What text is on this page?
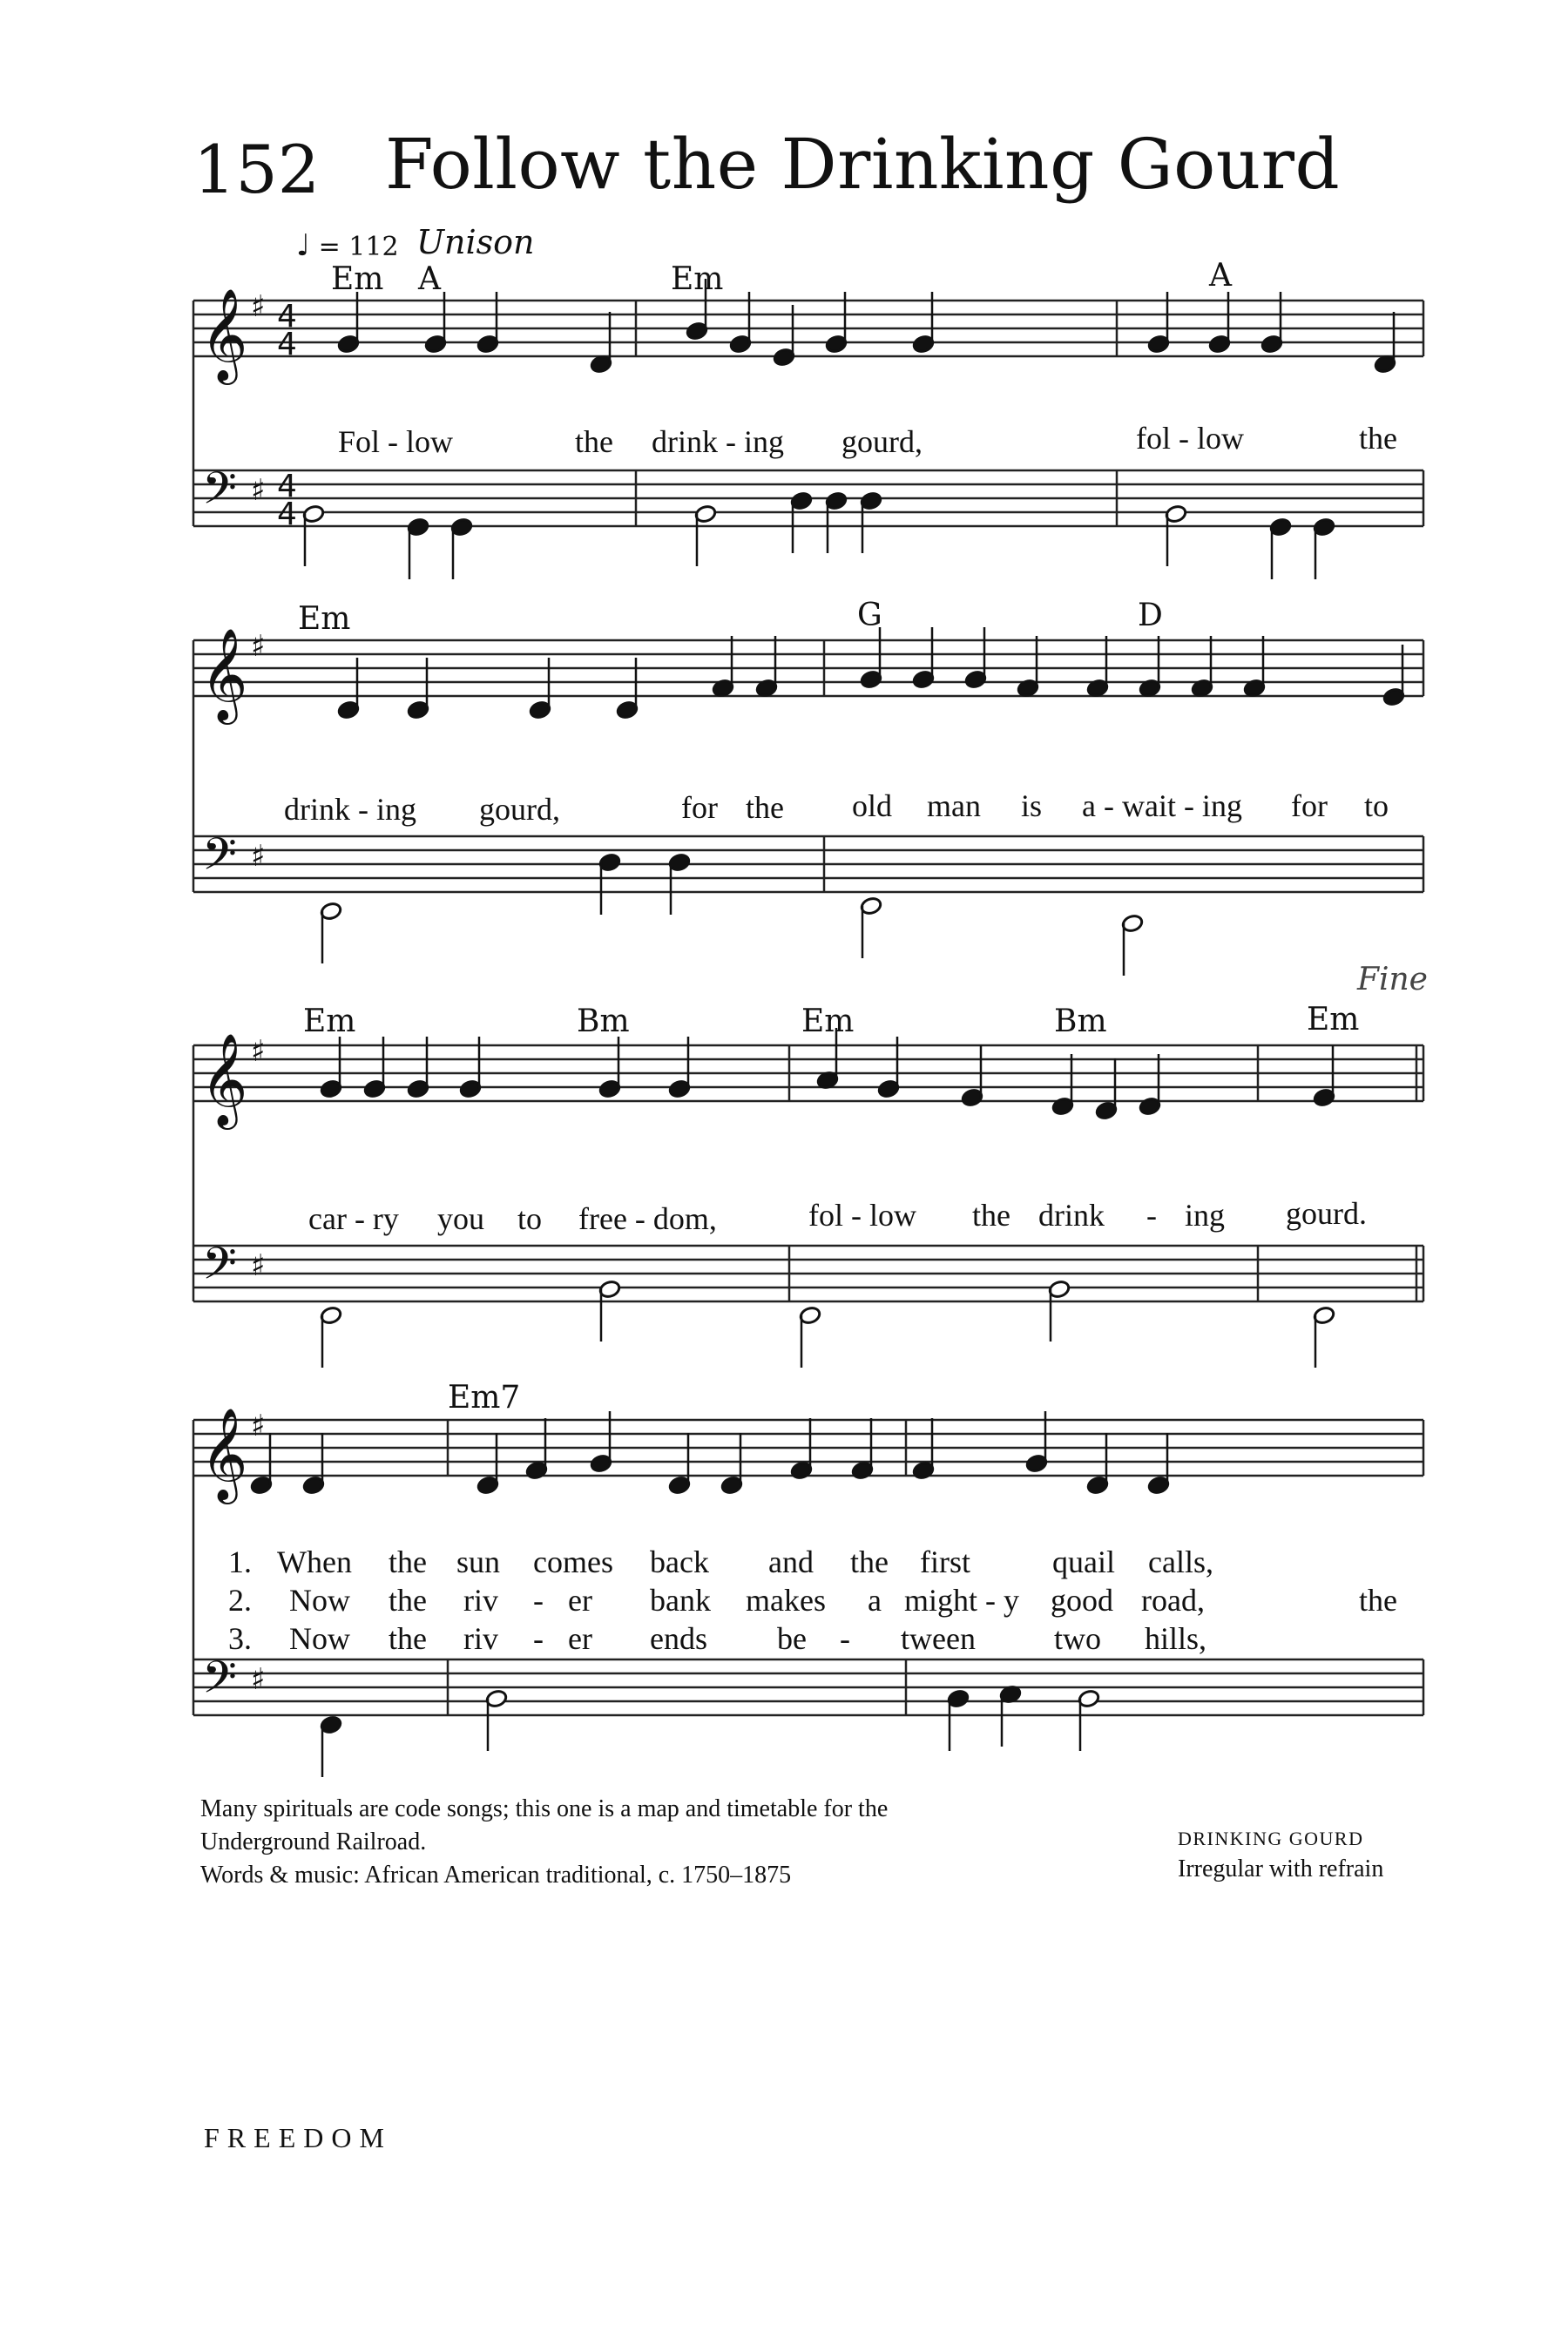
152 Follow the Drinking Gourd
♩ = 112 Unison
Fine
Em A	Em	A
Em	G	D
Em	Bm	Em	Bm	Em
Em7
𝄞
𝄢
♯
♯
4
4
4
4
𝄞
𝄢
♯
♯
𝄞
𝄢
♯
♯
𝄞
𝄢
♯
♯
Fol - low	the drink - ing gourd,	fol - low	the
drink - ing gourd,	for the old man is a - wait - ing for to
car - ry you to free - dom,	fol - low the drink - ing gourd.
1. When the sun comes back and the first	quail calls,
2. Now the riv - er bank makes a might - y good road,	the
3. Now the riv - er ends be - tween	two hills,
Many spirituals are code songs; this one is a map and timetable for the
Underground Railroad.
Words & music: African American traditional, c. 1750–1875
DRINKING GOURD
Irregular with refrain
FREEDOM
